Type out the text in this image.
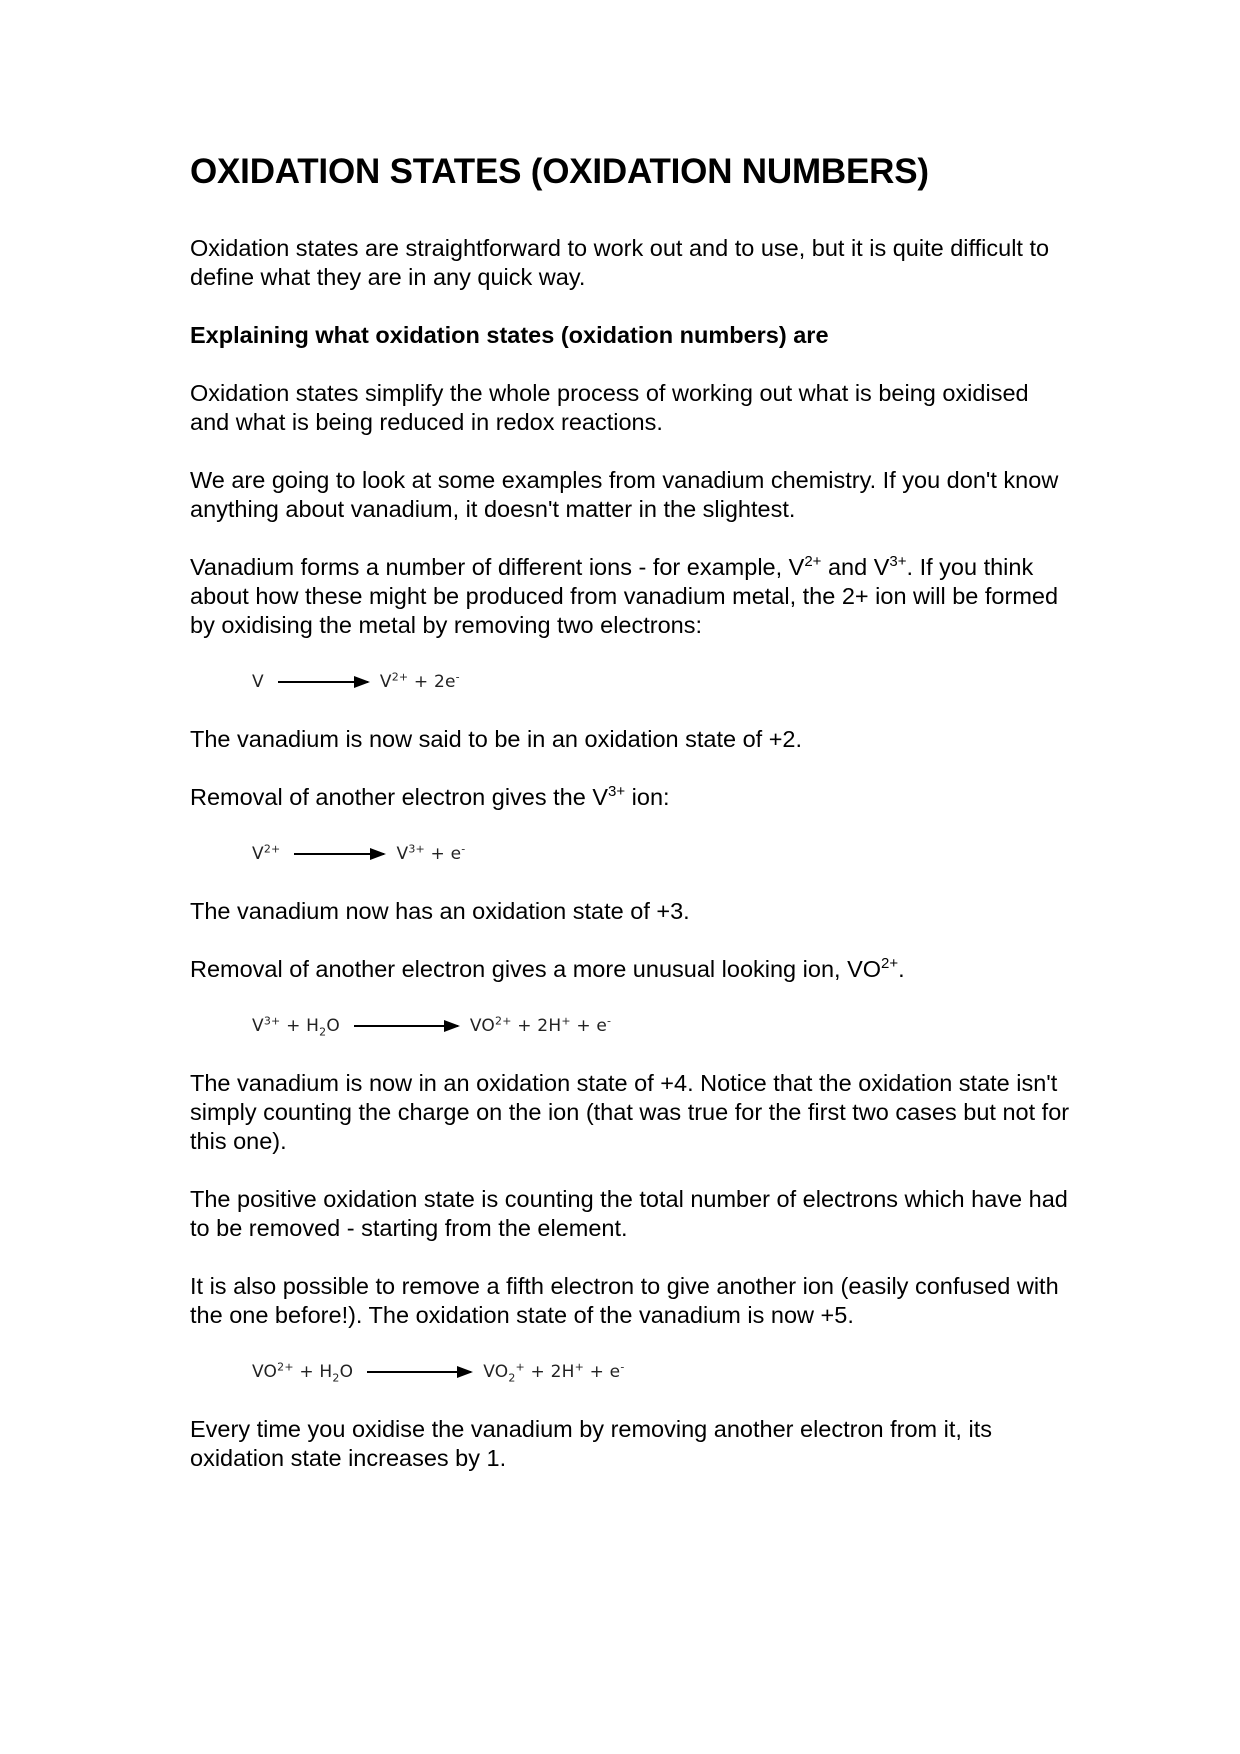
OXIDATION STATES (OXIDATION NUMBERS)

Oxidation states are straightforward to work out and to use, but it is quite difficult to define what they are in any quick way.

Explaining what oxidation states (oxidation numbers) are

Oxidation states simplify the whole process of working out what is being oxidised and what is being reduced in redox reactions.

We are going to look at some examples from vanadium chemistry. If you don't know anything about vanadium, it doesn't matter in the slightest.

Vanadium forms a number of different ions - for example, $V^{2+}$ and $V^{3+}$. If you think about how these might be produced from vanadium metal, the 2+ ion will be formed by oxidising the metal by removing two electrons:

V	$V^{2+} + 2e^-$

The vanadium is now said to be in an oxidation state of +2.

Removal of another electron gives the $V^{3+}$ ion:

$V^{2+}$	$V^{3+} + e^-$

The vanadium now has an oxidation state of +3.

Removal of another electron gives a more unusual looking ion, $VO^{2+}$.

$V^{3+} + H_2O$	$VO^{2+} + 2H^+ + e^-$

The vanadium is now in an oxidation state of +4. Notice that the oxidation state isn't simply counting the charge on the ion (that was true for the first two cases but not for this one).

The positive oxidation state is counting the total number of electrons which have had to be removed - starting from the element.

It is also possible to remove a fifth electron to give another ion (easily confused with the one before!). The oxidation state of the vanadium is now +5.

$VO^{2+} + H_2O$	$VO_2^+ + 2H^+ + e^-$

Every time you oxidise the vanadium by removing another electron from it, its oxidation state increases by 1.
